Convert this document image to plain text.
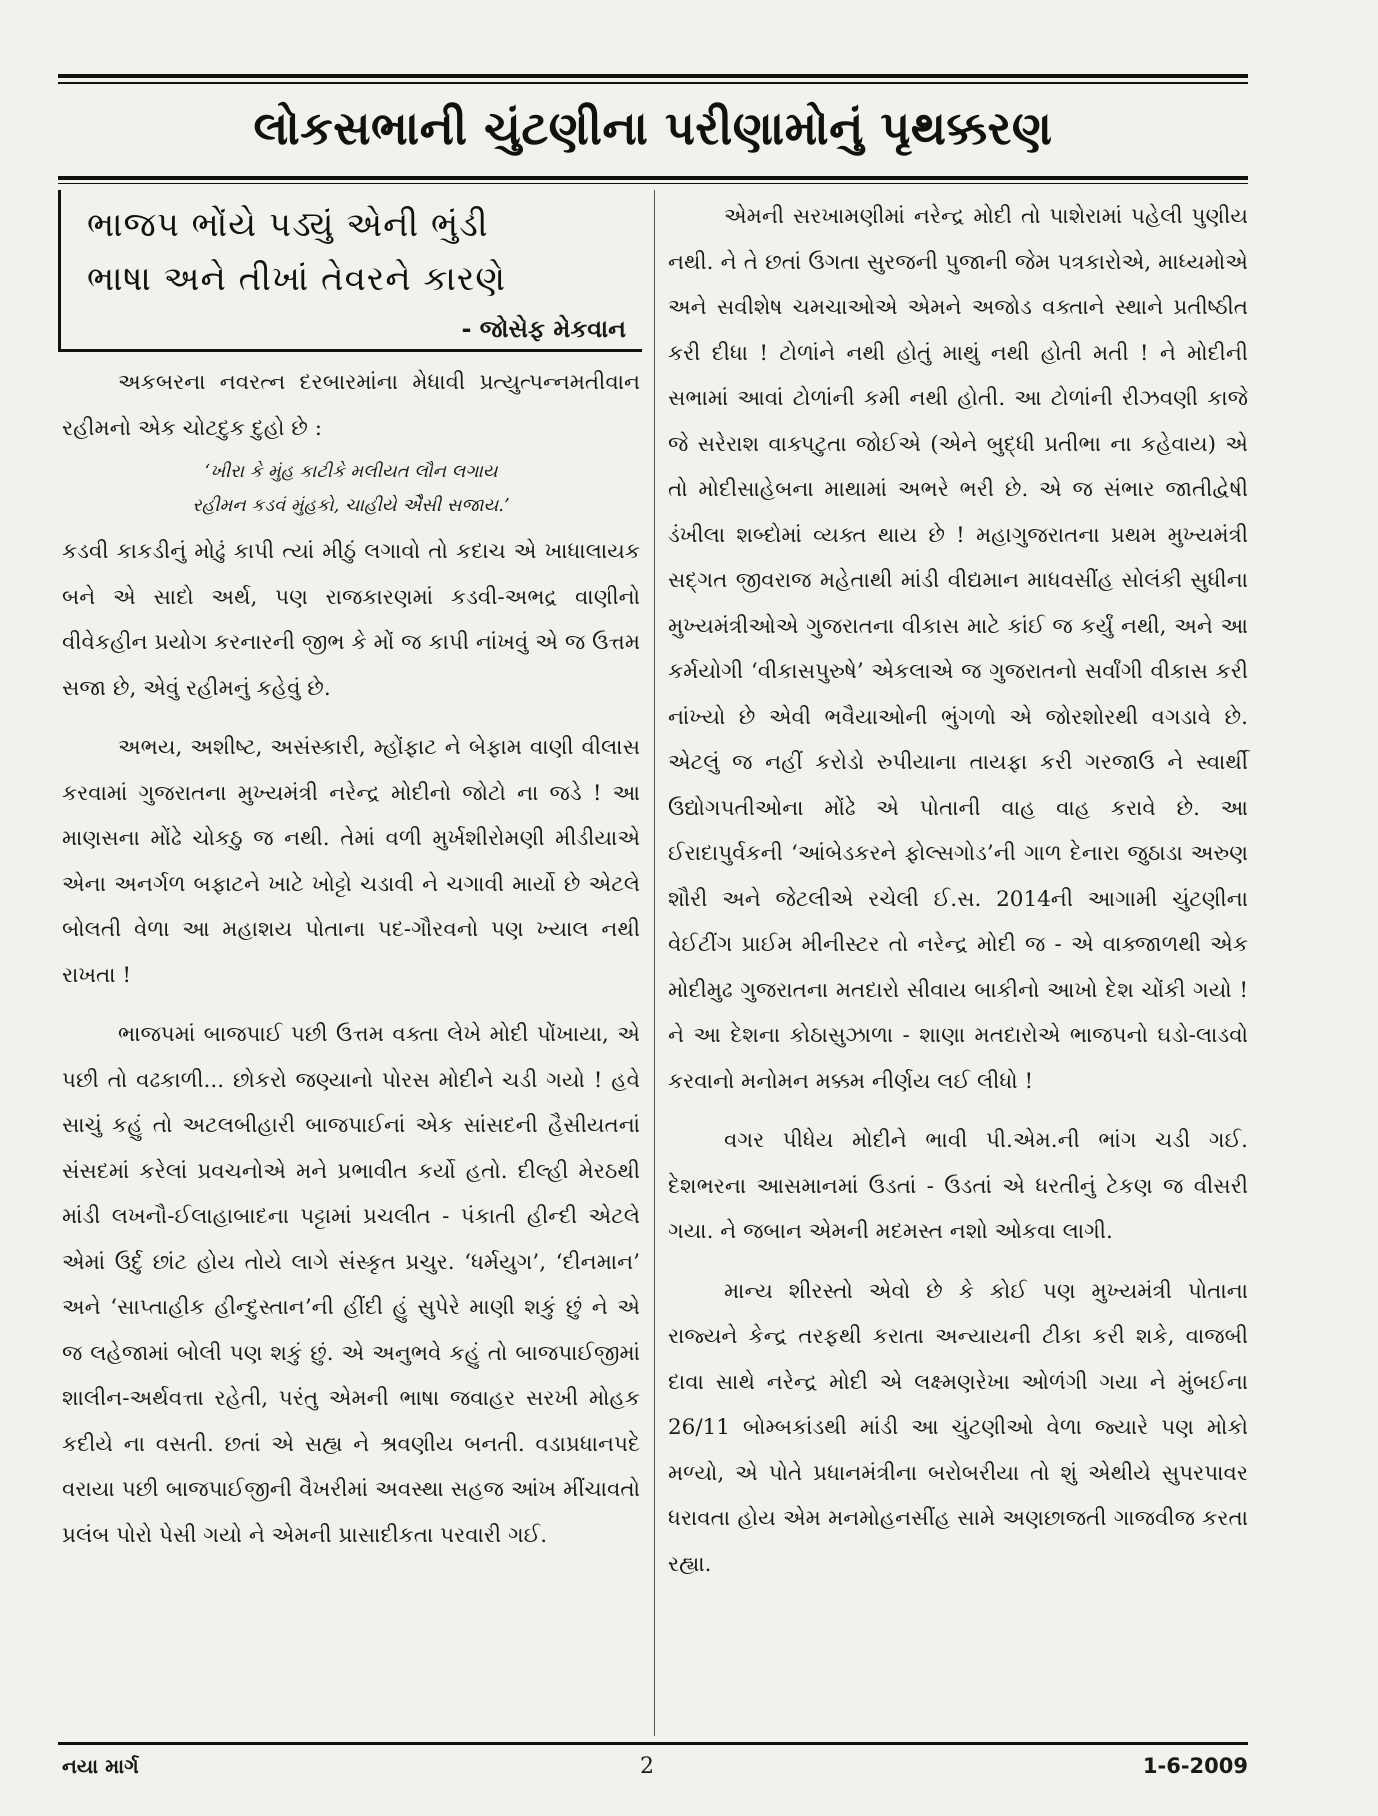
લોકસભાની ચુંટણીના પરીણામોનું પૃથક્કરણ

ભાજપ ભોંયે પડ્યું એની ભુંડી

ભાષા અને તીખાં તેવરને કારણે

- જોસેફ મેકવાન

અકબરના નવરત્ન દરબારમાંના મેધાવી પ્રત્યુત્પન્નમતીવાન રહીમનો એક ચોટદુક દુહો છે :

‘ખીરા કે મુંહ કાટીકે મલીયત લૌન લગાય
રહીમન કડવં મુંહકો, ચાહીયે એૈસી સજાય.’

કડવી કાકડીનું મોઢું કાપી ત્યાં મીઠું લગાવો તો કદાચ એ ખાધાલાયક બને એ સાદો અર્થ, પણ રાજકારણમાં કડવી-અભદ્ર વાણીનો વીવેકહીન પ્રયોગ કરનારની જીભ કે મોં જ કાપી નાંખવું એ જ ઉત્તમ સજા છે, એવું રહીમનું કહેવું છે.

અભય, અશીષ્ટ, અસંસ્કારી, મ્હોંફાટ ને બેફામ વાણી વીલાસ કરવામાં ગુજરાતના મુખ્યમંત્રી નરેન્દ્ર મોદીનો જોટો ના જડે ! આ માણસના મોંઢે ચોકઠુ જ નથી. તેમાં વળી મુર્ખશીરોમણી મીડીયાએ એના અનર્ગળ બફાટને ખાટે ખોટ્ટો ચડાવી ને ચગાવી માર્યો છે એટલે બોલતી વેળા આ મહાશય પોતાના પદ-ગૌરવનો પણ ખ્યાલ નથી રાખતા !

ભાજપમાં બાજપાઈ પછી ઉત્તમ વક્તા લેખે મોદી પોંખાયા, એ પછી તો વઢકાળી... છોકરો જણ્યાનો પોરસ મોદીને ચડી ગયો ! હવે સાચું કહું તો અટલબીહારી બાજપાઈનાં એક સાંસદની હૈસીયતનાં સંસદમાં કરેલાં પ્રવચનોએ મને પ્રભાવીત કર્યો હતો. દીલ્હી મેરઠથી માંડી લખનૌ-ઈલાહાબાદના પટ્ટામાં પ્રચલીત - પંકાતી હીન્દી એટલે એમાં ઉર્દુ છાંટ હોય તોયે લાગે સંસ્કૃત પ્રચુર. ‘ધર્મયુગ’, ‘દીનમાન’ અને ‘સાપ્તાહીક હીન્દુસ્તાન’ની હીંદી હું સુપેરે માણી શકું છું ને એ જ લહેજામાં બોલી પણ શકું છું. એ અનુભવે કહું તો બાજપાઈજીમાં શાલીન-અર્થવત્તા રહેતી, પરંતુ એમની ભાષા જવાહર સરખી મોહક કદીયે ના વસતી. છતાં એ સહ્ય ને શ્રવણીય બનતી. વડાપ્રધાનપદે વરાયા પછી બાજપાઈજીની વૈખરીમાં અવસ્થા સહજ આંખ મીંચાવતો પ્રલંબ પોરો પેસી ગયો ને એમની પ્રાસાદીકતા પરવારી ગઈ.

એમની સરખામણીમાં નરેન્દ્ર મોદી તો પાશેરામાં પહેલી પુણીય નથી. ને તે છતાં ઉગતા સુરજની પુજાની જેમ પત્રકારોએ, માધ્યમોએ અને સવીશેષ ચમચાઓએ એમને અજોડ વક્તાને સ્થાને પ્રતીષ્ઠીત કરી દીધા ! ટોળાંને નથી હોતું માથું નથી હોતી મતી ! ને મોદીની સભામાં આવાં ટોળાંની કમી નથી હોતી. આ ટોળાંની રીઝવણી કાજે જે સરેરાશ વાક્પટુતા જોઈએ (એને બુદ્ધી પ્રતીભા ના કહેવાય) એ તો મોદીસાહેબના માથામાં અભરે ભરી છે. એ જ સંભાર જાતીદ્વેષી ડંખીલા શબ્દોમાં વ્યક્ત થાય છે ! મહાગુજરાતના પ્રથમ મુખ્યમંત્રી સદ્ગત જીવરાજ મહેતાથી માંડી વીદ્યમાન માધવસીંહ સોલંકી સુધીના મુખ્યમંત્રીઓએ ગુજરાતના વીકાસ માટે કાંઈ જ કર્યું નથી, અને આ કર્મયોગી ‘વીકાસપુરુષે’ એકલાએ જ ગુજરાતનો સર્વાંગી વીકાસ કરી નાંખ્યો છે એવી ભવૈયાઓની ભુંગળો એ જોરશોરથી વગડાવે છે. એટલું જ નહીં કરોડો રુપીયાના તાયફા કરી ગરજાઉ ને સ્વાર્થી ઉદ્યોગપતીઓના મોંઢે એ પોતાની વાહ વાહ કરાવે છે. આ ઈરાદાપુર્વકની ‘આંબેડકરને ફોલ્સગોડ’ની ગાળ દેનારા જુઠાડા અરુણ શૌરી અને જેટલીએ રચેલી ઈ.સ. 2014ની આગામી ચુંટણીના વેઈટીંગ પ્રાઈમ મીનીસ્ટર તો નરેન્દ્ર મોદી જ - એ વાક્જાળથી એક મોદીમુઢ ગુજરાતના મતદારો સીવાય બાકીનો આખો દેશ ચોંકી ગયો ! ને આ દેશના કોઠાસુઝાળા - શાણા મતદારોએ ભાજપનો ઘડો-લાડવો કરવાનો મનોમન મક્કમ નીર્ણય લઈ લીધો !

વગર પીધેય મોદીને ભાવી પી.એમ.ની ભાંગ ચડી ગઈ. દેશભરના આસમાનમાં ઉડતાં - ઉડતાં એ ધરતીનું ટેકણ જ વીસરી ગયા. ને જબાન એમની મદમસ્ત નશો ઓકવા લાગી.

માન્ય શીરસ્તો એવો છે કે કોઈ પણ મુખ્યમંત્રી પોતાના રાજ્યને કેન્દ્ર તરફથી કરાતા અન્યાયની ટીકા કરી શકે, વાજબી દાવા સાથે નરેન્દ્ર મોદી એ લક્ષ્મણરેખા ઓળંગી ગયા ને મુંબઈના 26/11 બોમ્બકાંડથી માંડી આ ચુંટણીઓ વેળા જ્યારે પણ મોકો મળ્યો, એ પોતે પ્રધાનમંત્રીના બરોબરીયા તો શું એથીયે સુપરપાવર ધરાવતા હોય એમ મનમોહનસીંહ સામે અણછાજતી ગાજવીજ કરતા રહ્યા.

નયા માર્ગ	2	1-6-2009
